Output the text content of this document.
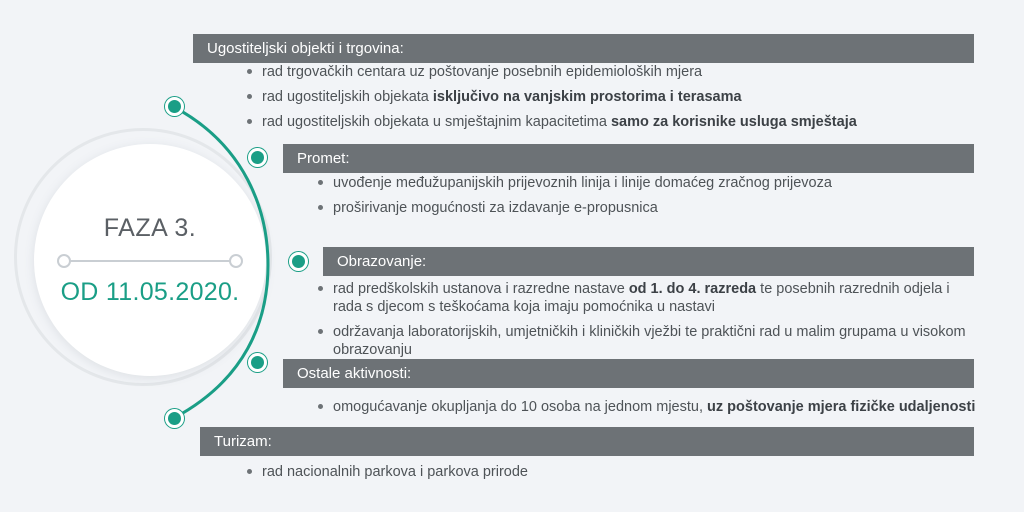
FAZA 3.
OD 11.05.2020.
Ugostiteljski objekti i trgovina:
rad trgovačkih centara uz poštovanje posebnih epidemioloških mjera
rad ugostiteljskih objekata isključivo na vanjskim prostorima i terasama
rad ugostiteljskih objekata u smještajnim kapacitetima samo za korisnike usluga smještaja
Promet:
uvođenje međužupanijskih prijevoznih linija i linije domaćeg zračnog prijevoza
proširivanje mogućnosti za izdavanje e-propusnica
Obrazovanje:
rad predškolskih ustanova i razredne nastave od 1. do 4. razreda te posebnih razrednih odjela i rada s djecom s teškoćama koja imaju pomoćnika u nastavi
održavanja laboratorijskih, umjetničkih i kliničkih vježbi te praktični rad u malim grupama u visokom obrazovanju
Ostale aktivnosti:
omogućavanje okupljanja do 10 osoba na jednom mjestu, uz poštovanje mjera fizičke udaljenosti
Turizam:
rad nacionalnih parkova i parkova prirode
